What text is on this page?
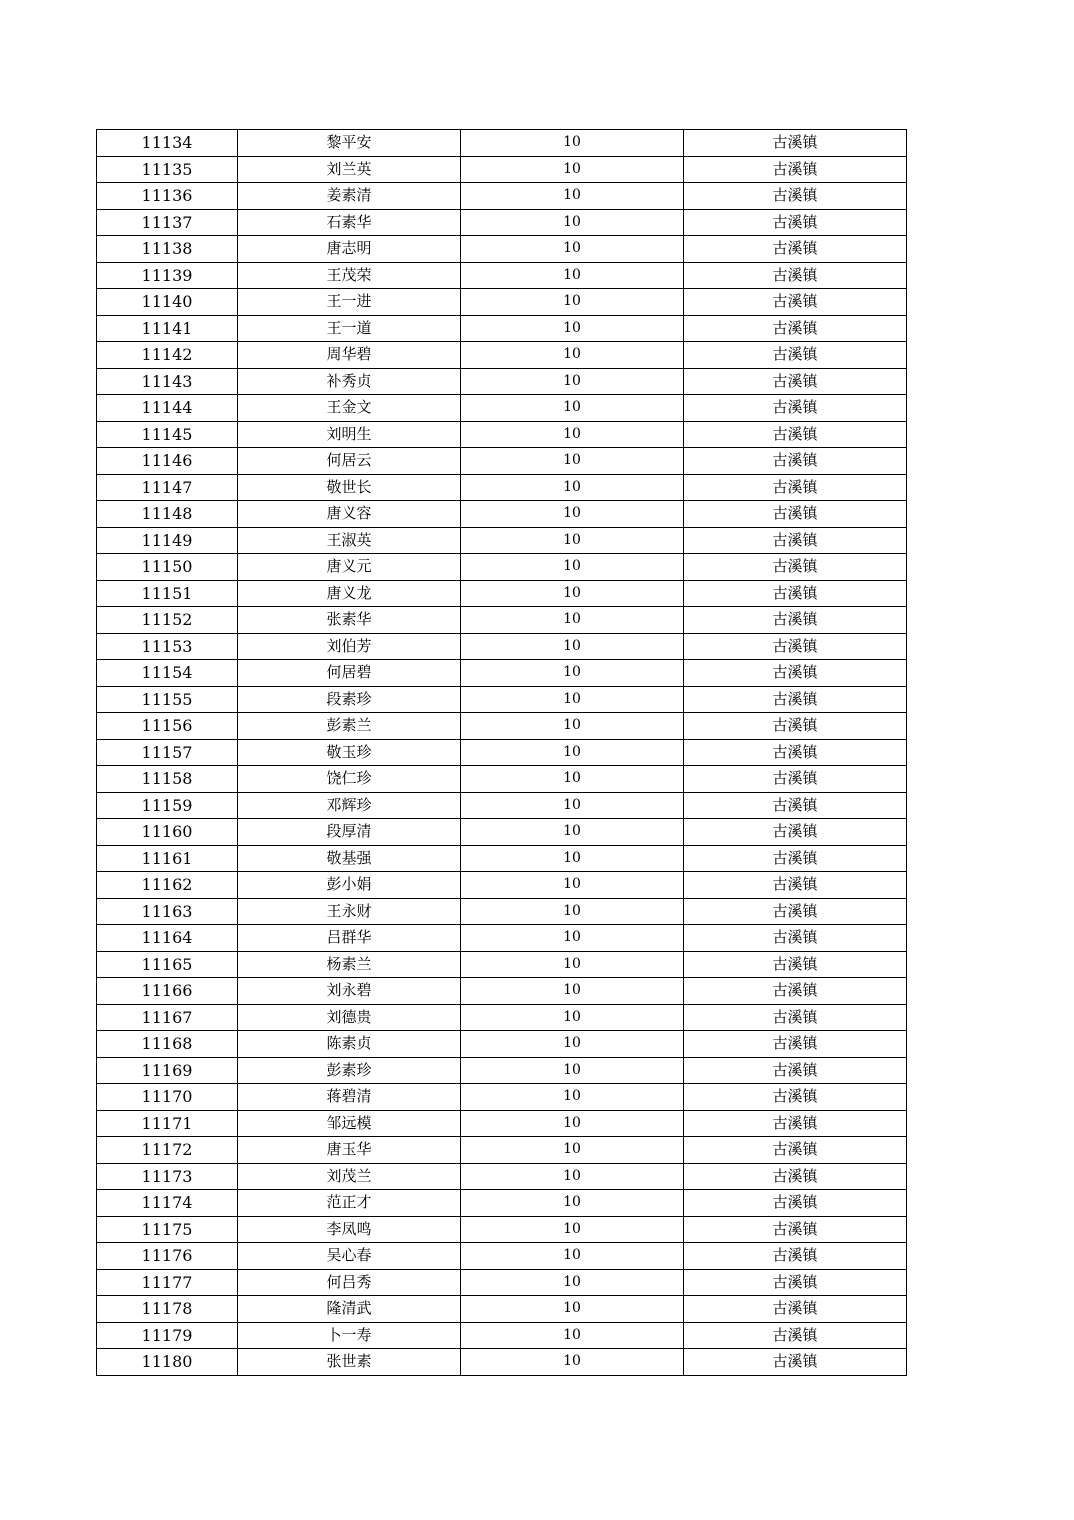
11134	黎平安	10	古溪镇
11135	刘兰英	10	古溪镇
11136	姜素清	10	古溪镇
11137	石素华	10	古溪镇
11138	唐志明	10	古溪镇
11139	王茂荣	10	古溪镇
11140	王一进	10	古溪镇
11141	王一道	10	古溪镇
11142	周华碧	10	古溪镇
11143	补秀贞	10	古溪镇
11144	王金文	10	古溪镇
11145	刘明生	10	古溪镇
11146	何居云	10	古溪镇
11147	敬世长	10	古溪镇
11148	唐义容	10	古溪镇
11149	王淑英	10	古溪镇
11150	唐义元	10	古溪镇
11151	唐义龙	10	古溪镇
11152	张素华	10	古溪镇
11153	刘伯芳	10	古溪镇
11154	何居碧	10	古溪镇
11155	段素珍	10	古溪镇
11156	彭素兰	10	古溪镇
11157	敬玉珍	10	古溪镇
11158	饶仁珍	10	古溪镇
11159	邓辉珍	10	古溪镇
11160	段厚清	10	古溪镇
11161	敬基强	10	古溪镇
11162	彭小娟	10	古溪镇
11163	王永财	10	古溪镇
11164	吕群华	10	古溪镇
11165	杨素兰	10	古溪镇
11166	刘永碧	10	古溪镇
11167	刘德贵	10	古溪镇
11168	陈素贞	10	古溪镇
11169	彭素珍	10	古溪镇
11170	蒋碧清	10	古溪镇
11171	邹远模	10	古溪镇
11172	唐玉华	10	古溪镇
11173	刘茂兰	10	古溪镇
11174	范正才	10	古溪镇
11175	李凤鸣	10	古溪镇
11176	吴心春	10	古溪镇
11177	何吕秀	10	古溪镇
11178	隆清武	10	古溪镇
11179	卜一寿	10	古溪镇
11180	张世素	10	古溪镇
